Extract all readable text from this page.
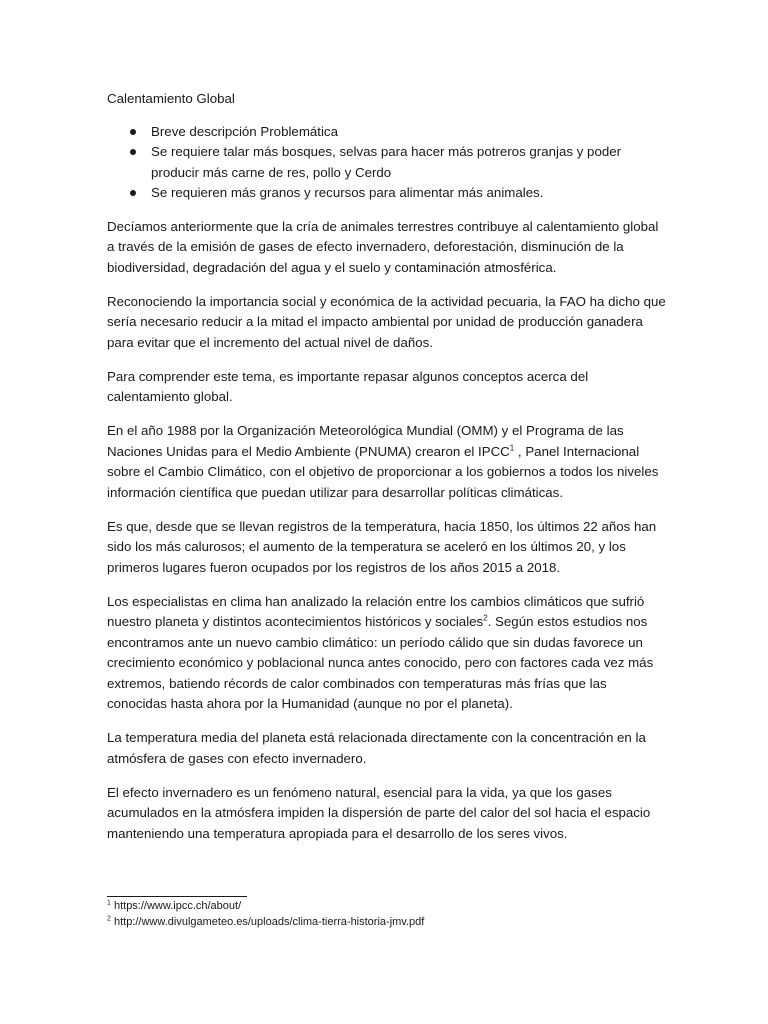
Calentamiento Global
Breve descripción Problemática
Se requiere talar más bosques, selvas para hacer más potreros granjas y poder producir más carne de res, pollo y Cerdo
Se requieren más granos y recursos para alimentar más animales.

Decíamos anteriormente que la cría de animales terrestres contribuye al calentamiento global a través de la emisión de gases de efecto invernadero, deforestación, disminución de la biodiversidad, degradación del agua y el suelo y contaminación atmosférica.

Reconociendo la importancia social y económica de la actividad pecuaria, la FAO ha dicho que sería necesario reducir a la mitad el impacto ambiental por unidad de producción ganadera para evitar que el incremento del actual nivel de daños.

Para comprender este tema, es importante repasar algunos conceptos acerca del calentamiento global.

En el año 1988 por la Organización Meteorológica Mundial (OMM) y el Programa de las Naciones Unidas para el Medio Ambiente (PNUMA) crearon el IPCC$^1$ , Panel Internacional sobre el Cambio Climático, con el objetivo de proporcionar a los gobiernos a todos los niveles información científica que puedan utilizar para desarrollar políticas climáticas.

Es que, desde que se llevan registros de la temperatura, hacia 1850, los últimos 22 años han sido los más calurosos; el aumento de la temperatura se aceleró en los últimos 20, y los primeros lugares fueron ocupados por los registros de los años 2015 a 2018.

Los especialistas en clima han analizado la relación entre los cambios climáticos que sufrió nuestro planeta y distintos acontecimientos históricos y sociales$^2$. Según estos estudios nos encontramos ante un nuevo cambio climático: un período cálido que sin dudas favorece un crecimiento económico y poblacional nunca antes conocido, pero con factores cada vez más extremos, batiendo récords de calor combinados con temperaturas más frías que las conocidas hasta ahora por la Humanidad (aunque no por el planeta).

La temperatura media del planeta está relacionada directamente con la concentración en la atmósfera de gases con efecto invernadero.

El efecto invernadero es un fenómeno natural, esencial para la vida, ya que los gases acumulados en la atmósfera impiden la dispersión de parte del calor del sol hacia el espacio manteniendo una temperatura apropiada para el desarrollo de los seres vivos.

$^1$ https://www.ipcc.ch/about/
$^2$ http://www.divulgameteo.es/uploads/clima-tierra-historia-jmv.pdf
